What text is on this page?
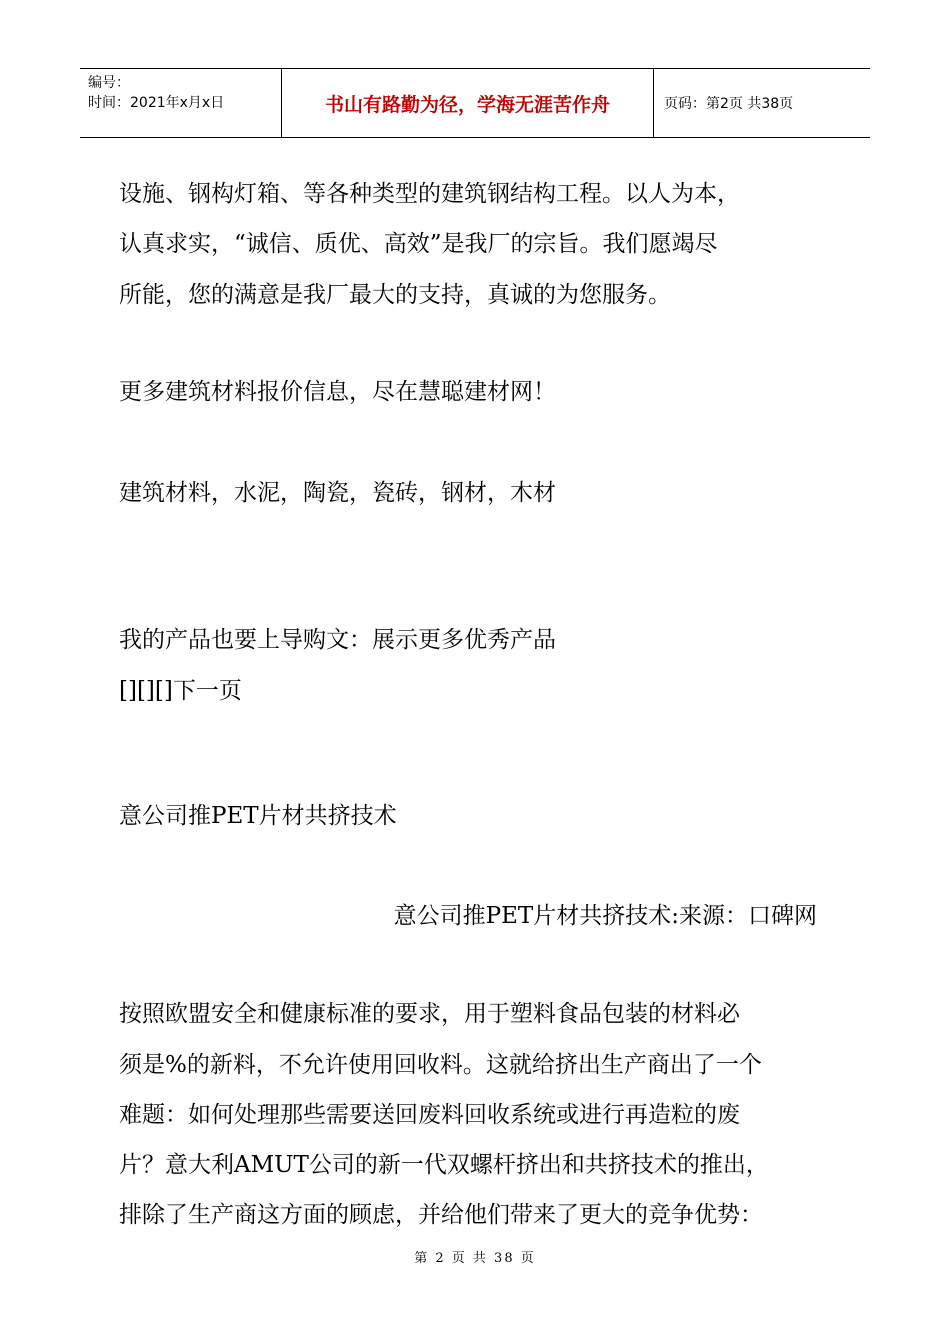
编号：
时间：2021年x月x日	书山有路勤为径，学海无涯苦作舟	页码：第2页 共38页
设施、钢构灯箱、等各种类型的建筑钢结构工程。以人为本，
认真求实，“诚信、质优、高效”是我厂的宗旨。我们愿竭尽
所能，您的满意是我厂最大的支持，真诚的为您服务。
更多建筑材料报价信息，尽在慧聪建材网！
建筑材料，水泥，陶瓷，瓷砖，钢材，木材
我的产品也要上导购文：展示更多优秀产品
[][][]下一页
意公司推PET片材共挤技术
意公司推PET片材共挤技术:来源：口碑网
按照欧盟安全和健康标准的要求，用于塑料食品包装的材料必
须是%的新料，不允许使用回收料。这就给挤出生产商出了一个
难题：如何处理那些需要送回废料回收系统或进行再造粒的废
片？意大利AMUT公司的新一代双螺杆挤出和共挤技术的推出，
排除了生产商这方面的顾虑，并给他们带来了更大的竞争优势：
第 2 页 共 38 页
